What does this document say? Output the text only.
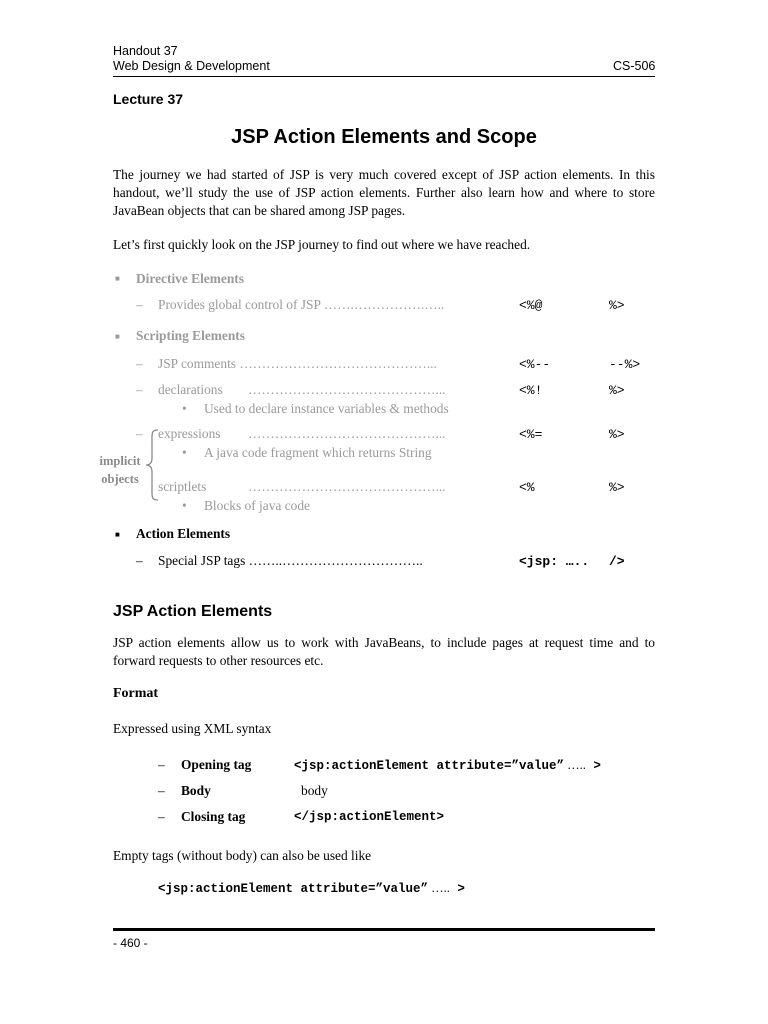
Handout 37
Web Design & Development	CS-506
Lecture 37
JSP Action Elements and Scope
The journey we had started of JSP is very much covered except of JSP action elements. In this handout, we’ll study the use of JSP action elements. Further also learn how and where to store JavaBean objects that can be shared among JSP pages.
Let’s first quickly look on the JSP journey to find out where we have reached.
■ Directive Elements
– Provides global control of JSP …….…………….…..	<%@	%>
■ Scripting Elements
– JSP comments ……………………………………...	<%--	--%>
– declarations ……………………………………...	<%!	%>
• Used to declare instance variables & methods
– expressions ……………………………………...	<%=	%>
• A java code fragment which returns String
scriptlets	……………………………………...	<%	%>
• Blocks of java code
implicit objects
■ Action Elements
– Special JSP tags ……..…………………………..	<jsp: ….. />
JSP Action Elements
JSP action elements allow us to work with JavaBeans, to include pages at request time and to forward requests to other resources etc.
Format
Expressed using XML syntax
– Opening tag	<jsp:actionElement attribute=”value” ….. >
– Body	body
– Closing tag	</jsp:actionElement>
Empty tags (without body) can also be used like
<jsp:actionElement attribute=”value” ….. >
- 460 -
